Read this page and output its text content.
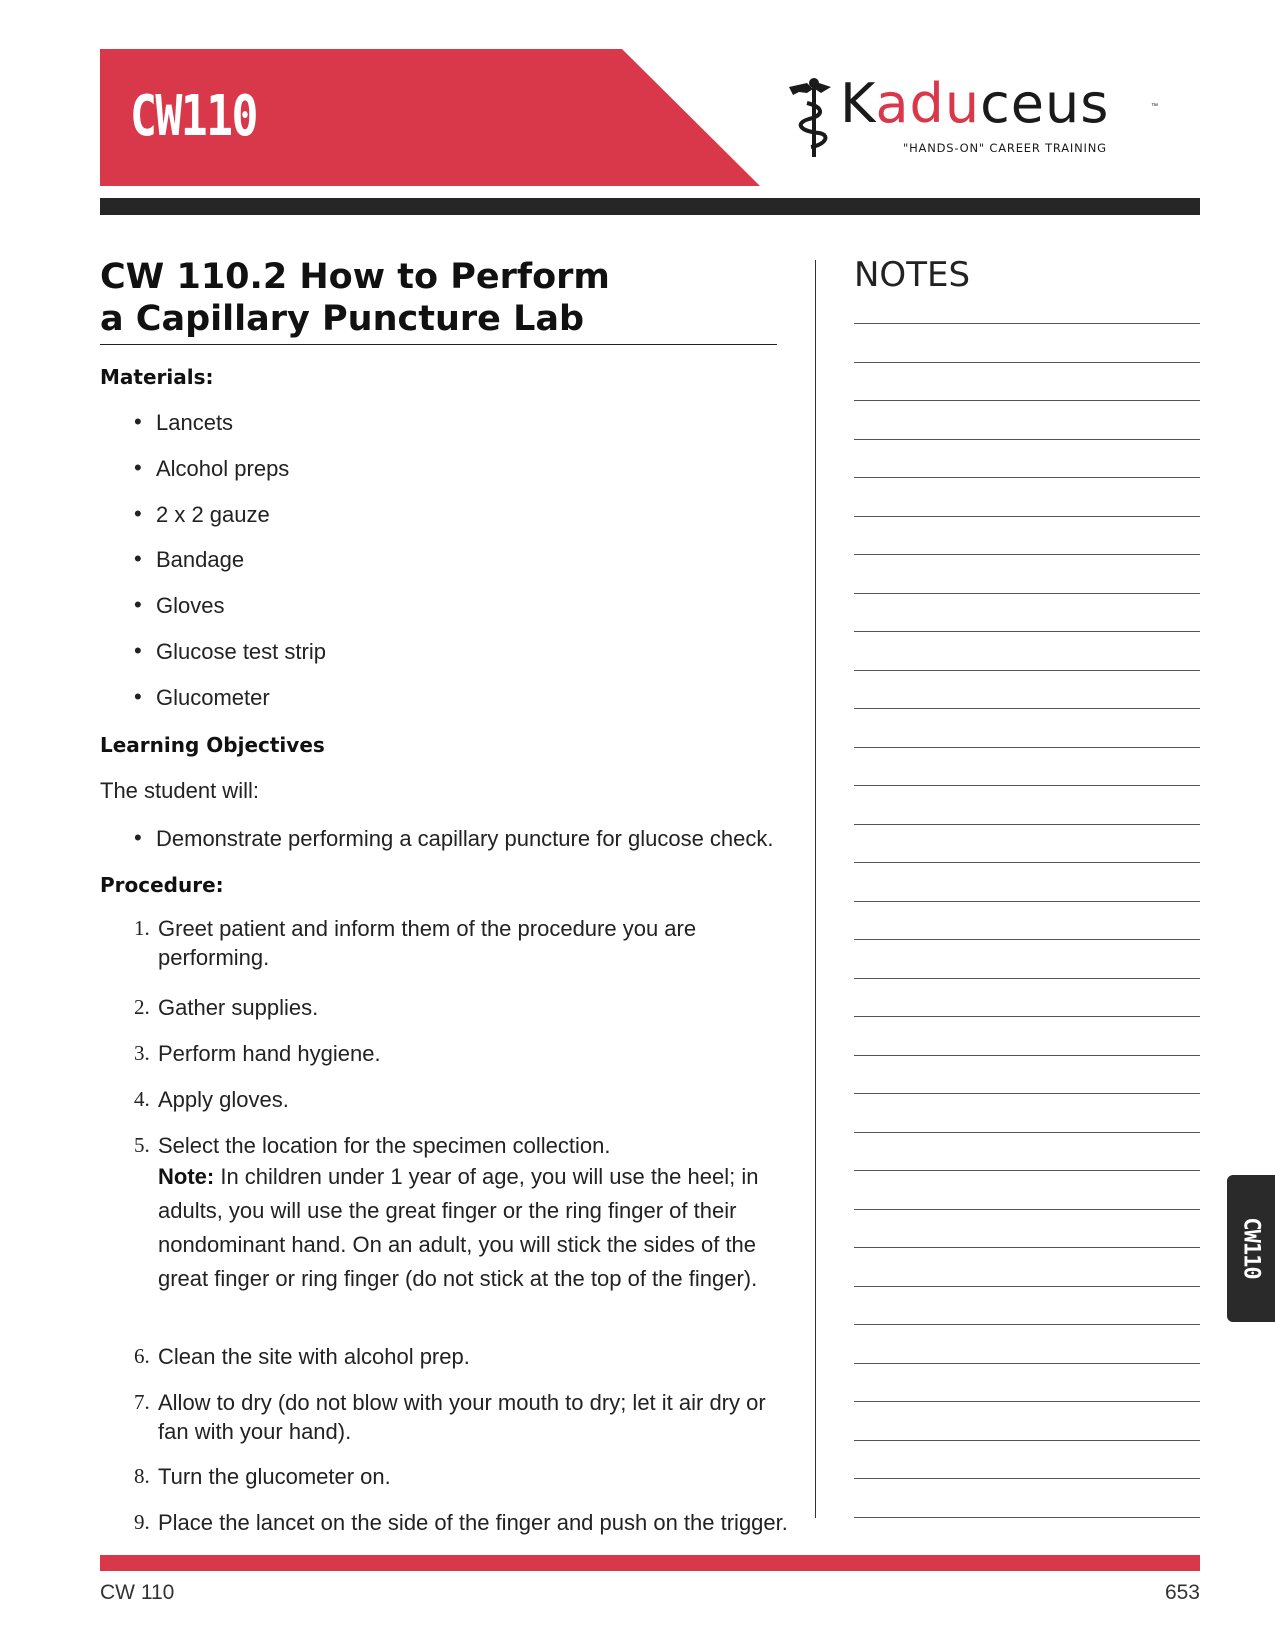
CW110	Kaduceus	™
"HANDS-ON" CAREER TRAINING
CW 110.2 How to Perform
a Capillary Puncture Lab
Materials:
• Lancets
• Alcohol preps
• 2 x 2 gauze
• Bandage
• Gloves
• Glucose test strip
• Glucometer
Learning Objectives
The student will:
• Demonstrate performing a capillary puncture for glucose check.
Procedure:
1. Greet patient and inform them of the procedure you are performing.
2. Gather supplies.
3. Perform hand hygiene.
4. Apply gloves.
5. Select the location for the specimen collection.
Note: In children under 1 year of age, you will use the heel; in adults, you will use the great finger or the ring finger of their nondominant hand. On an adult, you will stick the sides of the great finger or ring finger (do not stick at the top of the finger).
6. Clean the site with alcohol prep.
7. Allow to dry (do not blow with your mouth to dry; let it air dry or fan with your hand).
8. Turn the glucometer on.
9. Place the lancet on the side of the finger and push on the trigger.
NOTES
CW110
CW 110	653
